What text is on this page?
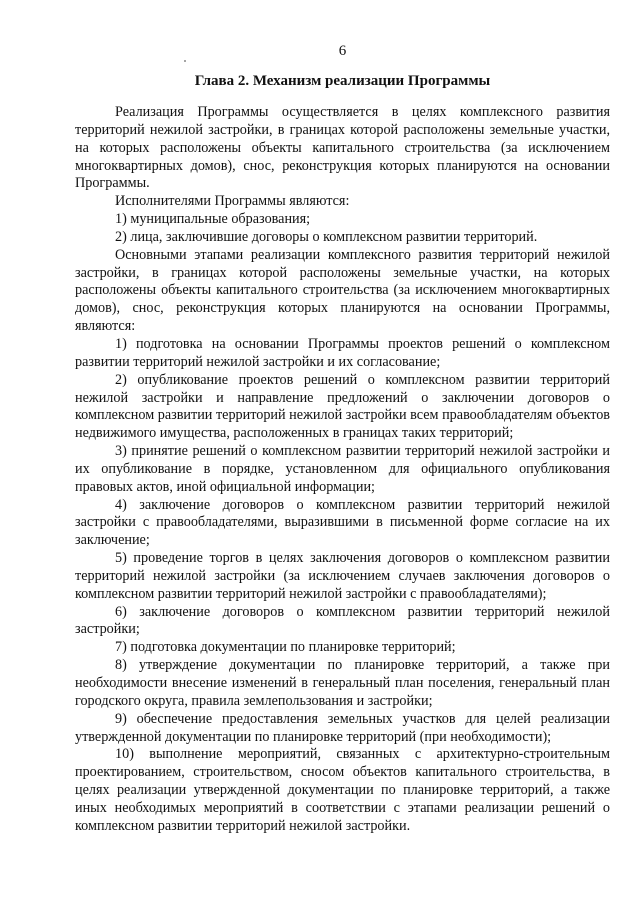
6
Глава 2. Механизм реализации Программы

Реализация Программы осуществляется в целях комплексного развития территорий нежилой застройки, в границах которой расположены земельные участки, на которых расположены объекты капитального строительства (за исключением многоквартирных домов), снос, реконструкция которых планируются на основании Программы.

Исполнителями Программы являются:

1) муниципальные образования;

2) лица, заключившие договоры о комплексном развитии территорий.

Основными этапами реализации комплексного развития территорий нежилой застройки, в границах которой расположены земельные участки, на которых расположены объекты капитального строительства (за исключением многоквартирных домов), снос, реконструкция которых планируются на основании Программы, являются:

1) подготовка на основании Программы проектов решений о комплексном развитии территорий нежилой застройки и их согласование;

2) опубликование проектов решений о комплексном развитии территорий нежилой застройки и направление предложений о заключении договоров о комплексном развитии территорий нежилой застройки всем правообладателям объектов недвижимого имущества, расположенных в границах таких территорий;

3) принятие решений о комплексном развитии территорий нежилой застройки и их опубликование в порядке, установленном для официального опубликования правовых актов, иной официальной информации;

4) заключение договоров о комплексном развитии территорий нежилой застройки с правообладателями, выразившими в письменной форме согласие на их заключение;

5) проведение торгов в целях заключения договоров о комплексном развитии территорий нежилой застройки (за исключением случаев заключения договоров о комплексном развитии территорий нежилой застройки с правообладателями);

6) заключение договоров о комплексном развитии территорий нежилой застройки;

7) подготовка документации по планировке территорий;

8) утверждение документации по планировке территорий, а также при необходимости внесение изменений в генеральный план поселения, генеральный план городского округа, правила землепользования и застройки;

9) обеспечение предоставления земельных участков для целей реализации утвержденной документации по планировке территорий (при необходимости);

10) выполнение мероприятий, связанных с архитектурно-строительным проектированием, строительством, сносом объектов капитального строительства, в целях реализации утвержденной документации по планировке территорий, а также иных необходимых мероприятий в соответствии с этапами реализации решений о комплексном развитии территорий нежилой застройки.
